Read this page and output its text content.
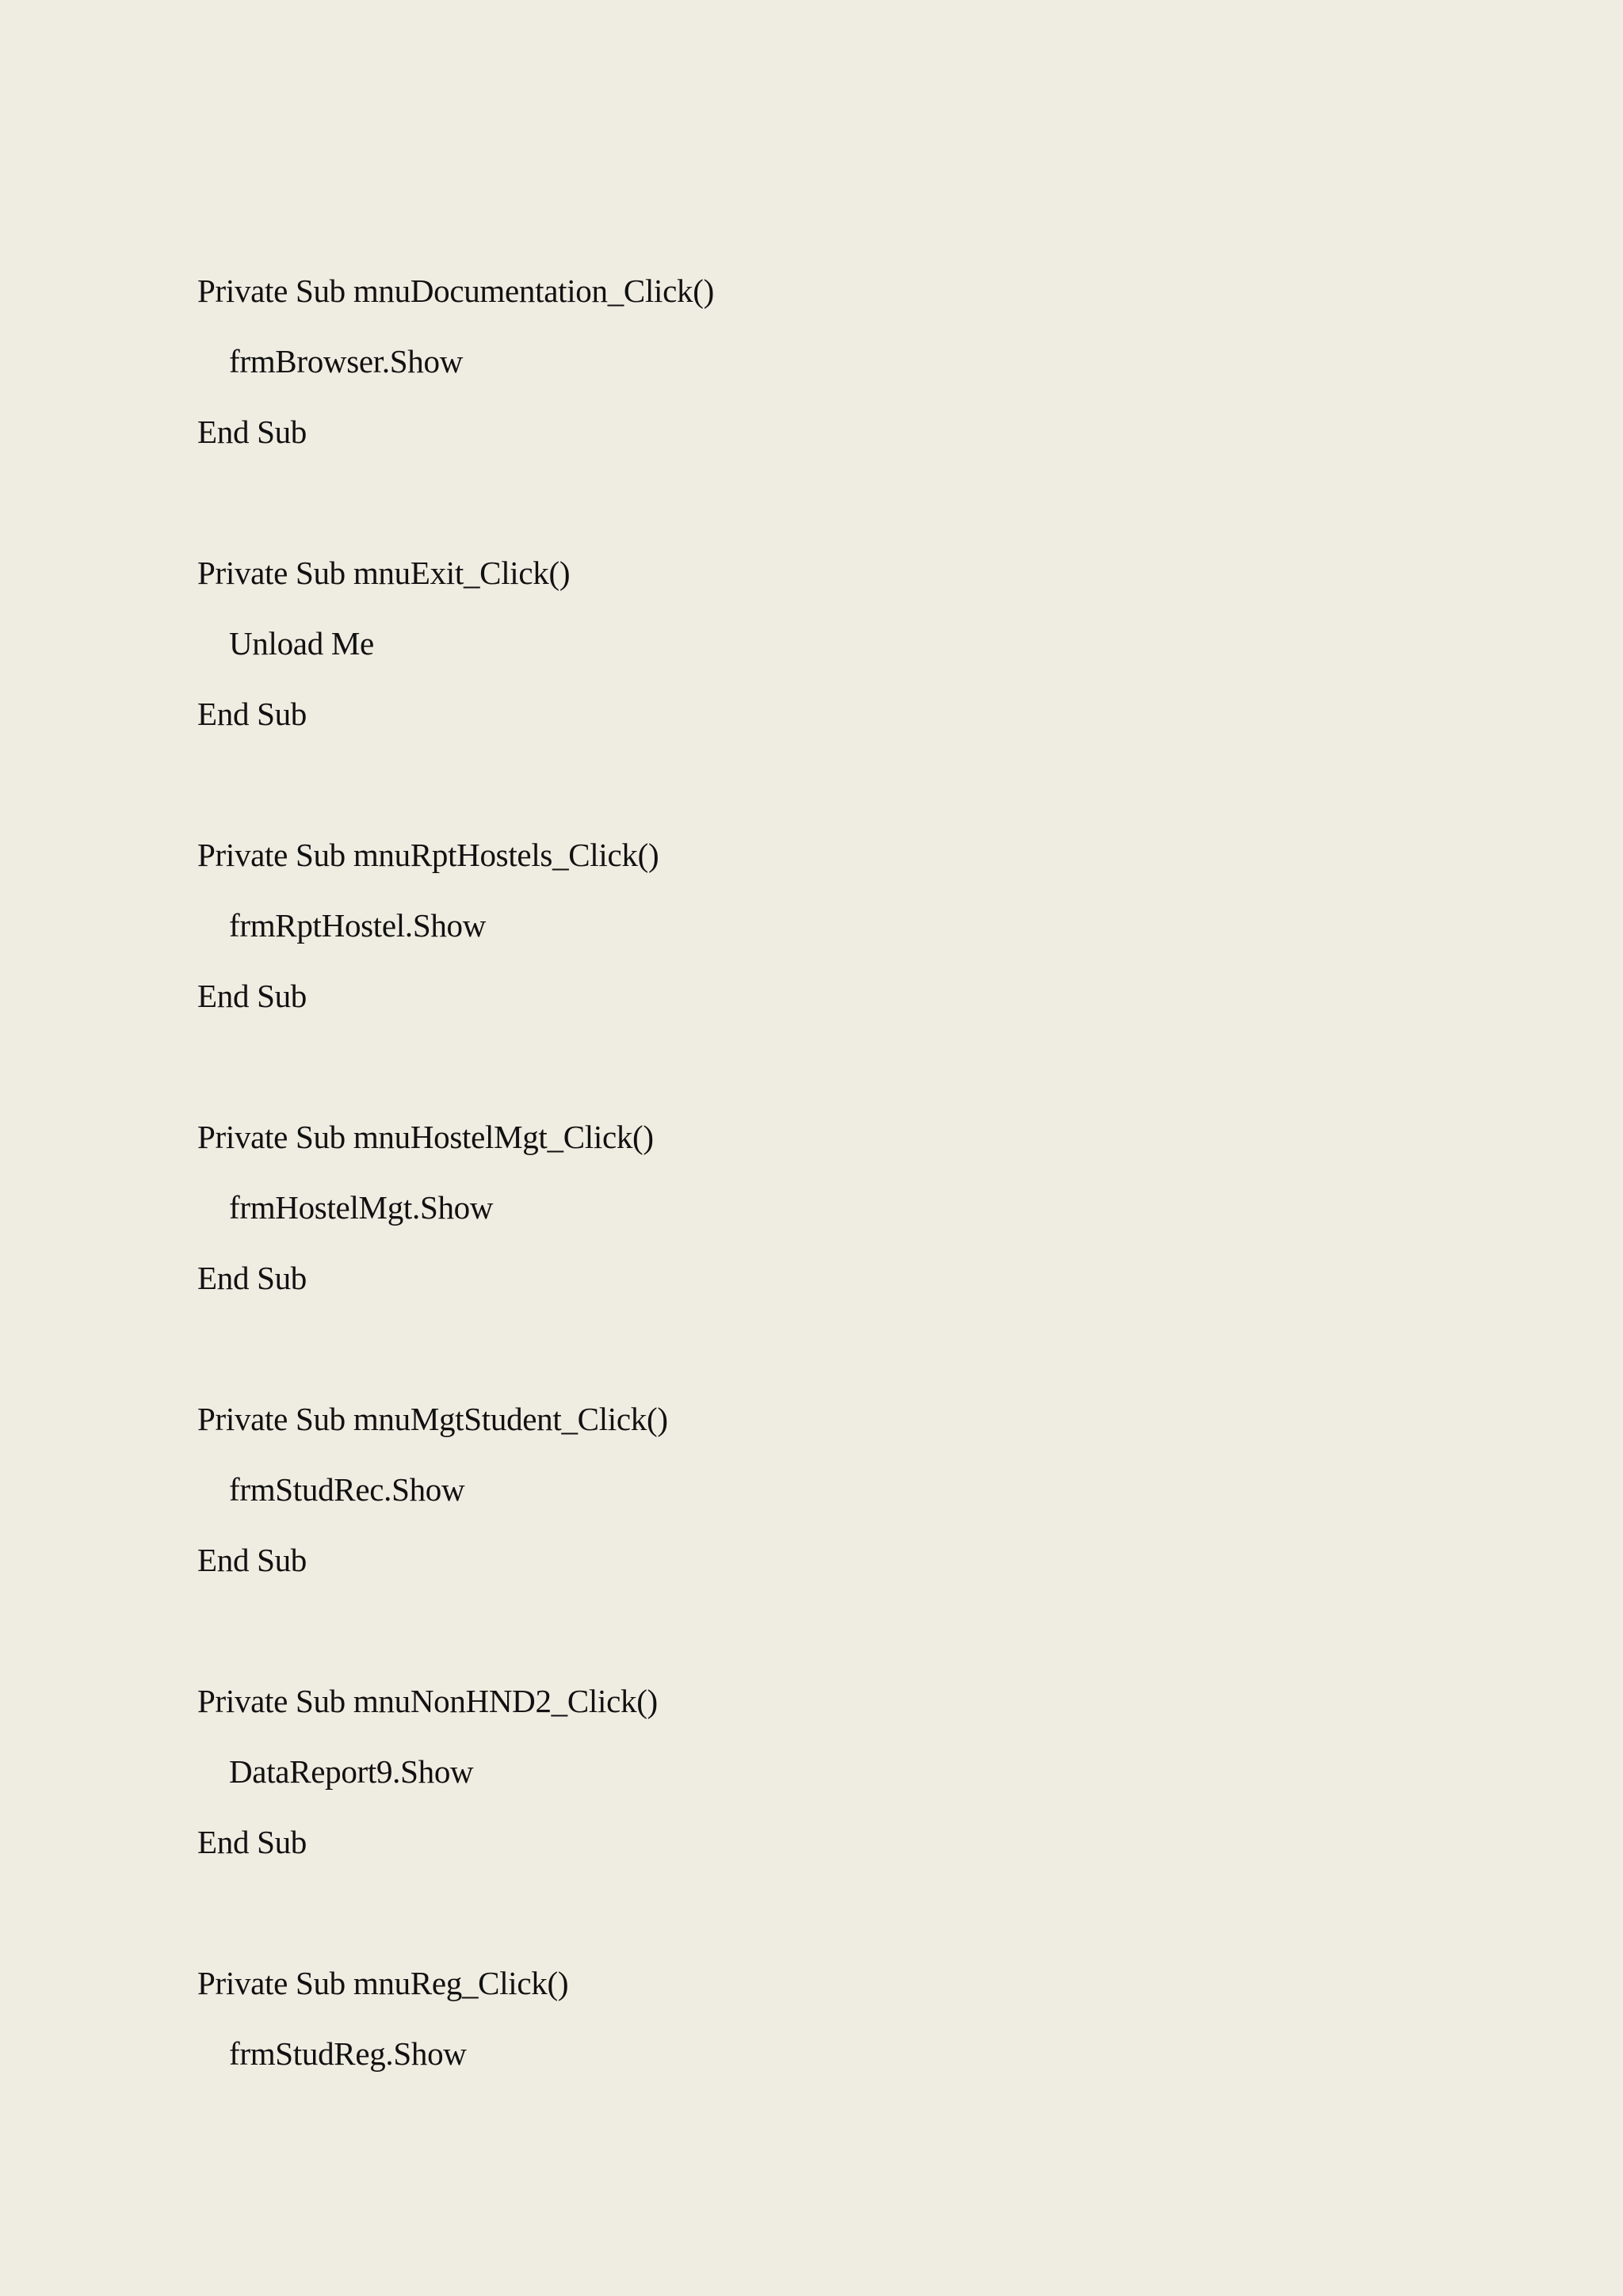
Private Sub mnuDocumentation_Click()
frmBrowser.Show
End Sub
Private Sub mnuExit_Click()
Unload Me
End Sub
Private Sub mnuRptHostels_Click()
frmRptHostel.Show
End Sub
Private Sub mnuHostelMgt_Click()
frmHostelMgt.Show
End Sub
Private Sub mnuMgtStudent_Click()
frmStudRec.Show
End Sub
Private Sub mnuNonHND2_Click()
DataReport9.Show
End Sub
Private Sub mnuReg_Click()
frmStudReg.Show
